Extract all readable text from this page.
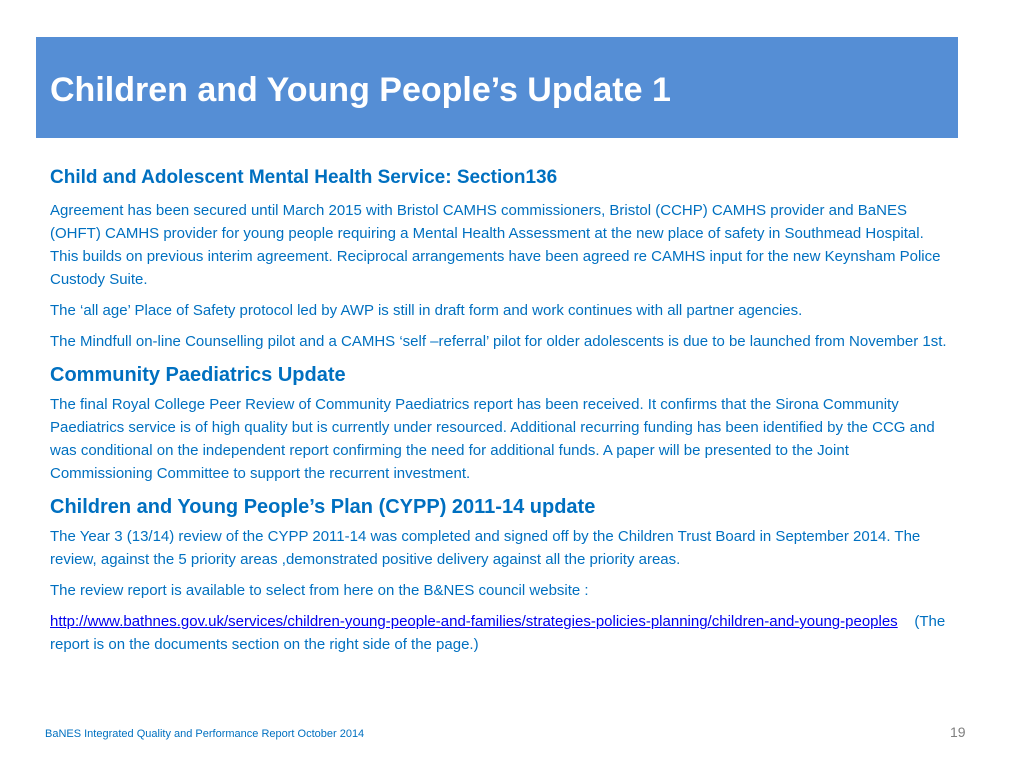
Children and Young People’s Update 1
Child and Adolescent Mental Health Service: Section136

Agreement has been secured until March 2015 with Bristol CAMHS commissioners, Bristol (CCHP) CAMHS provider and BaNES (OHFT) CAMHS provider for young people requiring a Mental Health Assessment at the new place of safety in Southmead Hospital. This builds on previous interim agreement. Reciprocal arrangements have been agreed re CAMHS input for the new Keynsham Police Custody Suite.

The ‘all age’ Place of Safety protocol led by AWP is still in draft form and work continues with all partner agencies.

The Mindfull on-line Counselling pilot and a CAMHS ‘self –referral’ pilot for older adolescents is due to be launched from November 1st.

Community Paediatrics Update

The final Royal College Peer Review of Community Paediatrics report has been received. It confirms that the Sirona Community Paediatrics service is of high quality but is currently under resourced. Additional recurring funding has been identified by the CCG and was conditional on the independent report confirming the need for additional funds. A paper will be presented to the Joint Commissioning Committee to support the recurrent investment.

Children and Young People’s Plan (CYPP) 2011-14 update

The Year 3 (13/14) review of the CYPP 2011-14 was completed and signed off by the Children Trust Board in September 2014. The review, against the 5 priority areas ,demonstrated positive delivery against all the priority areas.

The review report is available to select from here on the B&NES council website :

http://www.bathnes.gov.uk/services/children-young-people-and-families/strategies-policies-planning/children-and-young-peoples (The report is on the documents section on the right side of the page.)

BaNES Integrated Quality and Performance Report October 2014	19
